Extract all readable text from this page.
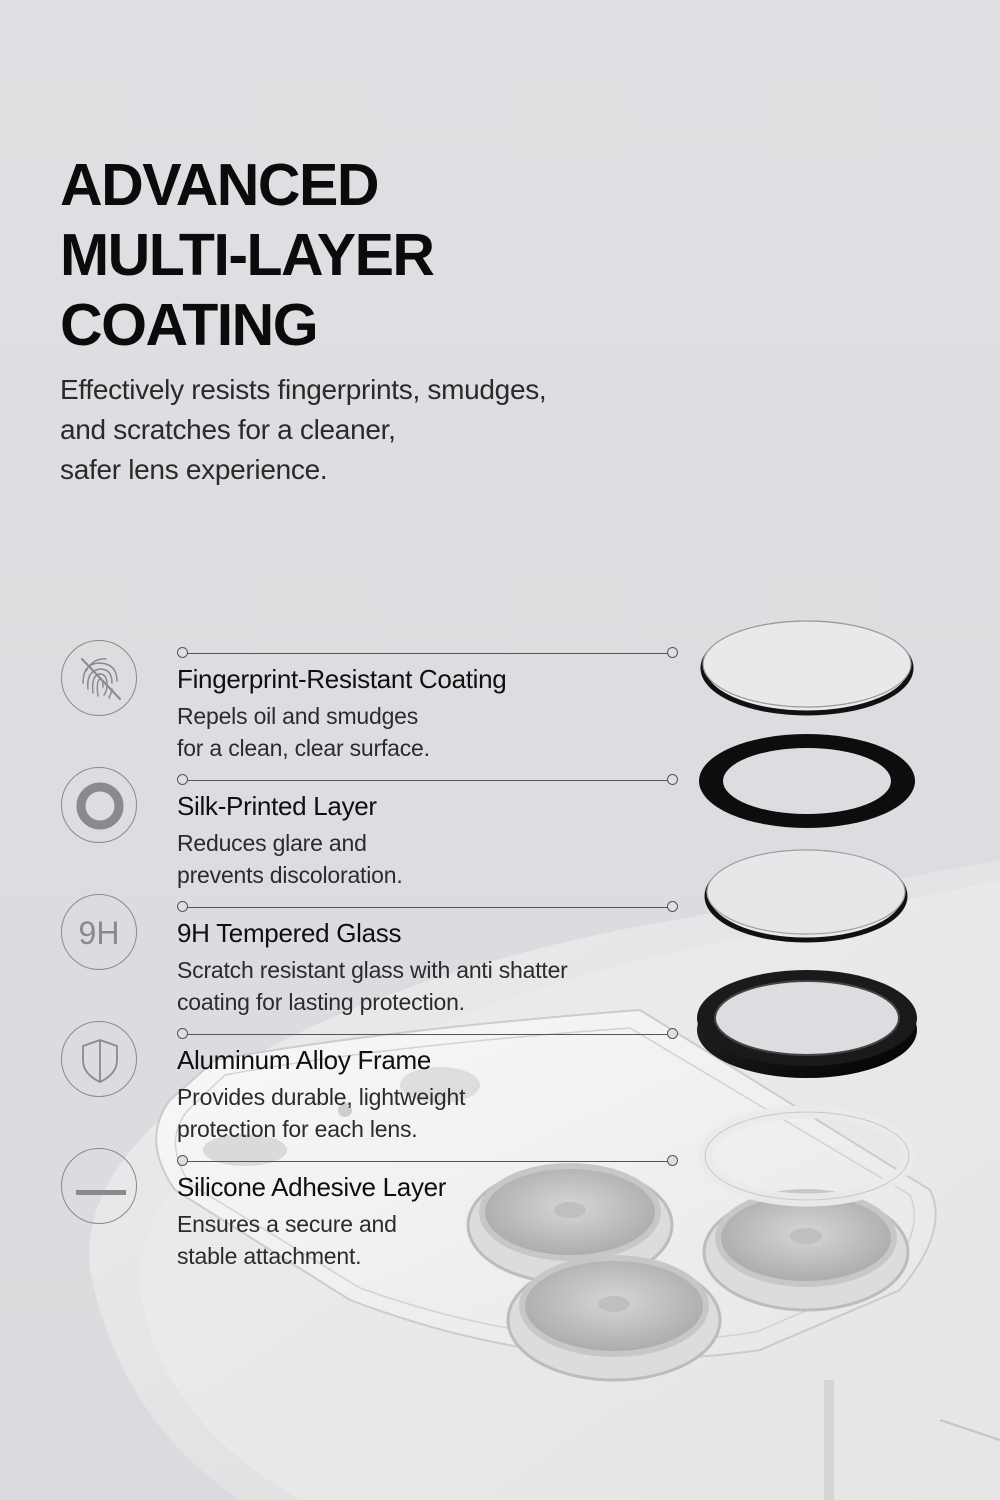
ADVANCED
MULTI-LAYER
COATING

Effectively resists fingerprints, smudges,
and scratches for a cleaner,
safer lens experience.

Fingerprint-Resistant Coating
Repels oil and smudges
for a clean, clear surface.
Silk-Printed Layer
Reduces glare and
prevents discoloration.
9H 9H Tempered Glass
Scratch resistant glass with anti shatter
coating for lasting protection.
Aluminum Alloy Frame
Provides durable, lightweight
protection for each lens.
Silicone Adhesive Layer
Ensures a secure and
stable attachment.
